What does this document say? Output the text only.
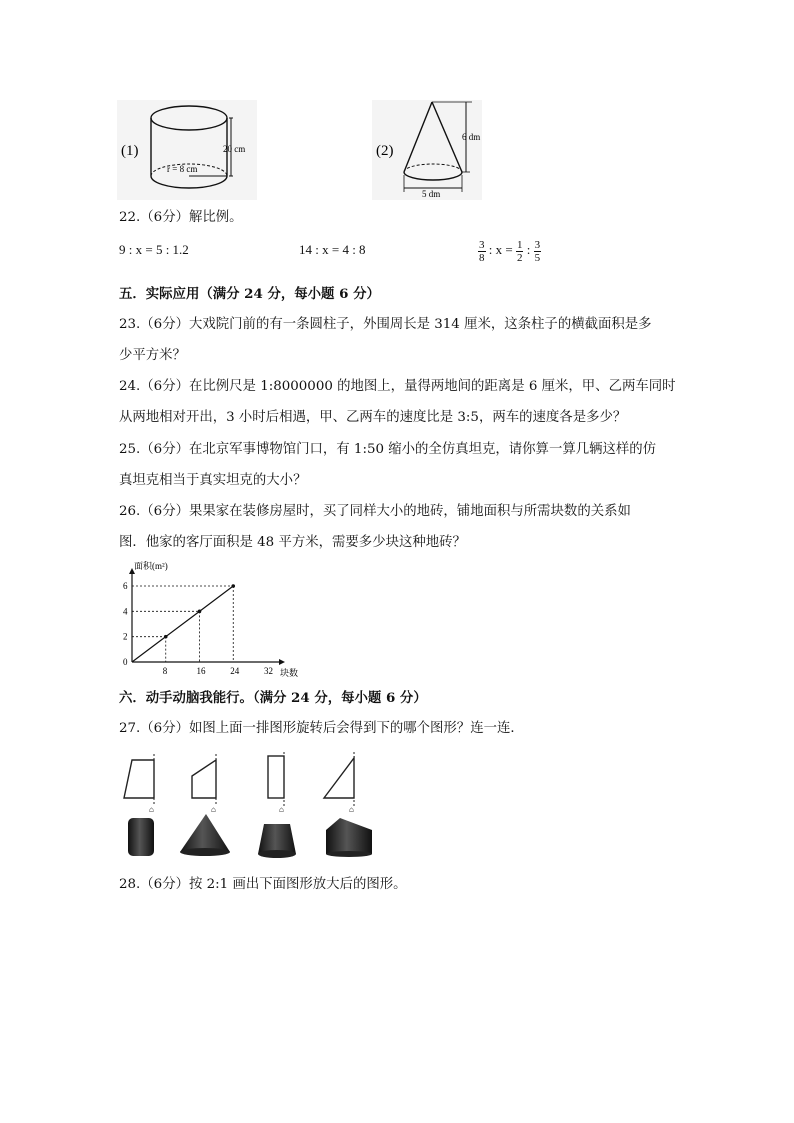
(1)
r = 8 cm
20 cm	(2)
6 dm
5 dm
22.（6分）解比例。
9 : x = 5 : 1.2	14 : x = 4 : 8	$\frac{3}{8}$ : $x = \frac{1}{2}$ : $\frac{3}{5}$
五．实际应用（满分 24 分，每小题 6 分）
23.（6分）大戏院门前的有一条圆柱子，外围周长是 314 厘米，这条柱子的横截面积是多
少平方米？
24.（6分）在比例尺是 1:8000000 的地图上，量得两地间的距离是 6 厘米，甲、乙两车同时
从两地相对开出，3 小时后相遇，甲、乙两车的速度比是 3:5，两车的速度各是多少？
25.（6分）在北京军事博物馆门口，有 1:50 缩小的全仿真坦克，请你算一算几辆这样的仿
真坦克相当于真实坦克的大小？
26.（6分）果果家在装修房屋时，买了同样大小的地砖，铺地面积与所需块数的关系如
图．他家的客厅面积是 48 平方米，需要多少块这种地砖？
面积(m²)
块数
8	16	24	32
0
2
4
6
六．动手动脑我能行。（满分 24 分，每小题 6 分）
27.（6分）如图上面一排图形旋转后会得到下的哪个图形？连一连．
⌂	⌂	⌂	⌂
28.（6分）按 2:1 画出下面图形放大后的图形。
